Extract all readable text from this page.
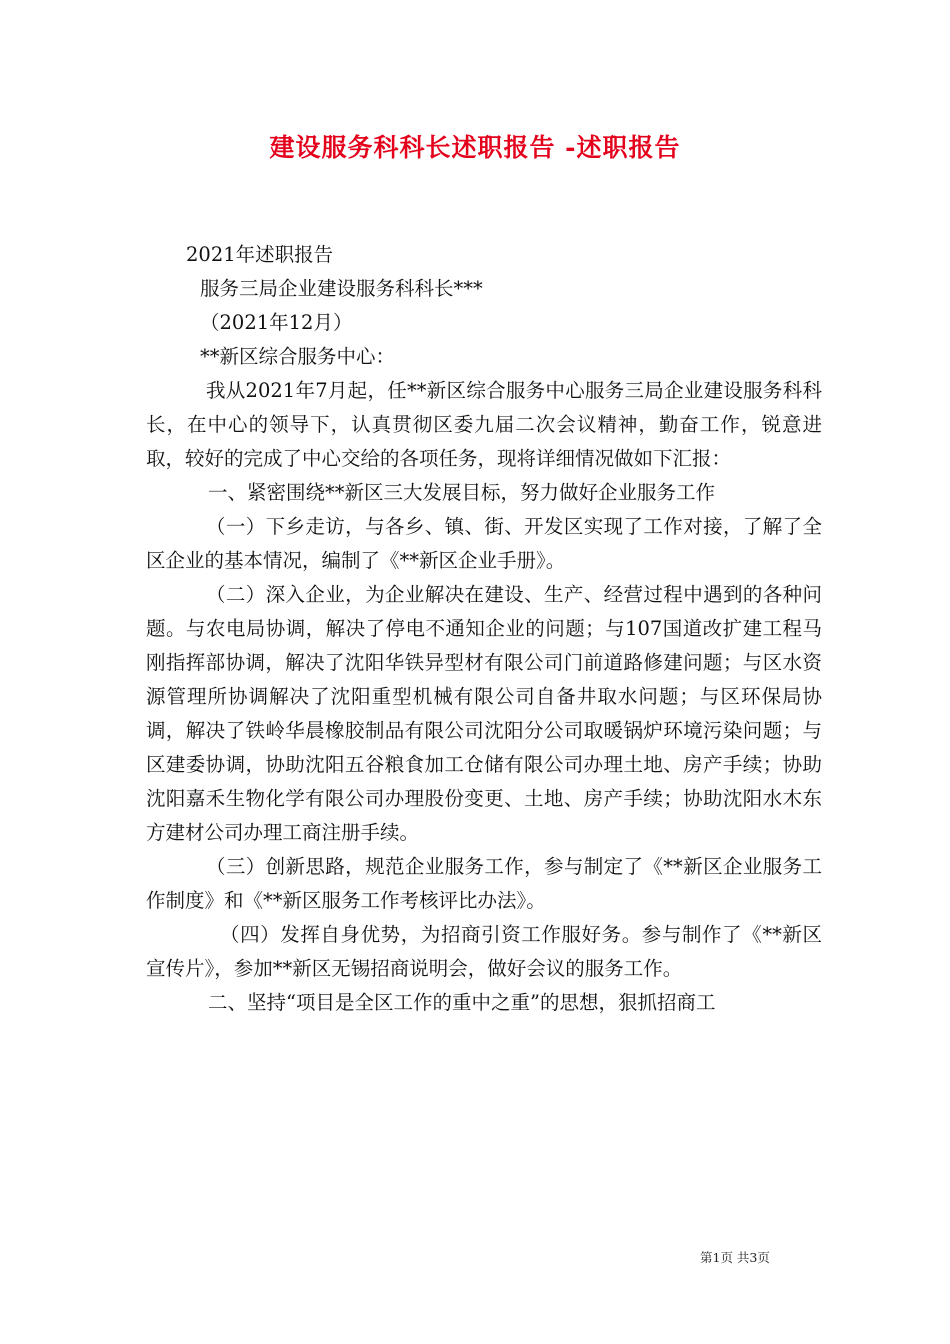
建设服务科科长述职报告 -述职报告

2021年述职报告

服务三局企业建设服务科科长***

（2021年12月）

**新区综合服务中心：

我从2021年7月起，任**新区综合服务中心服务三局企业建设服务科科长，在中心的领导下，认真贯彻区委九届二次会议精神，勤奋工作，锐意进取，较好的完成了中心交给的各项任务，现将详细情况做如下汇报：

一、紧密围绕**新区三大发展目标，努力做好企业服务工作

（一）下乡走访，与各乡、镇、街、开发区实现了工作对接，了解了全区企业的基本情况，编制了《**新区企业手册》。

（二）深入企业，为企业解决在建设、生产、经营过程中遇到的各种问题。与农电局协调，解决了停电不通知企业的问题；与107国道改扩建工程马刚指挥部协调，解决了沈阳华铁异型材有限公司门前道路修建问题；与区水资源管理所协调解决了沈阳重型机械有限公司自备井取水问题；与区环保局协调，解决了铁岭华晨橡胶制品有限公司沈阳分公司取暖锅炉环境污染问题；与区建委协调，协助沈阳五谷粮食加工仓储有限公司办理土地、房产手续；协助沈阳嘉禾生物化学有限公司办理股份变更、土地、房产手续；协助沈阳水木东方建材公司办理工商注册手续。

（三）创新思路，规范企业服务工作，参与制定了《**新区企业服务工作制度》和《**新区服务工作考核评比办法》。

（四）发挥自身优势，为招商引资工作服好务。参与制作了《**新区宣传片》，参加**新区无锡招商说明会，做好会议的服务工作。

二、坚持“项目是全区工作的重中之重”的思想，狠抓招商工

第1页 共3页
